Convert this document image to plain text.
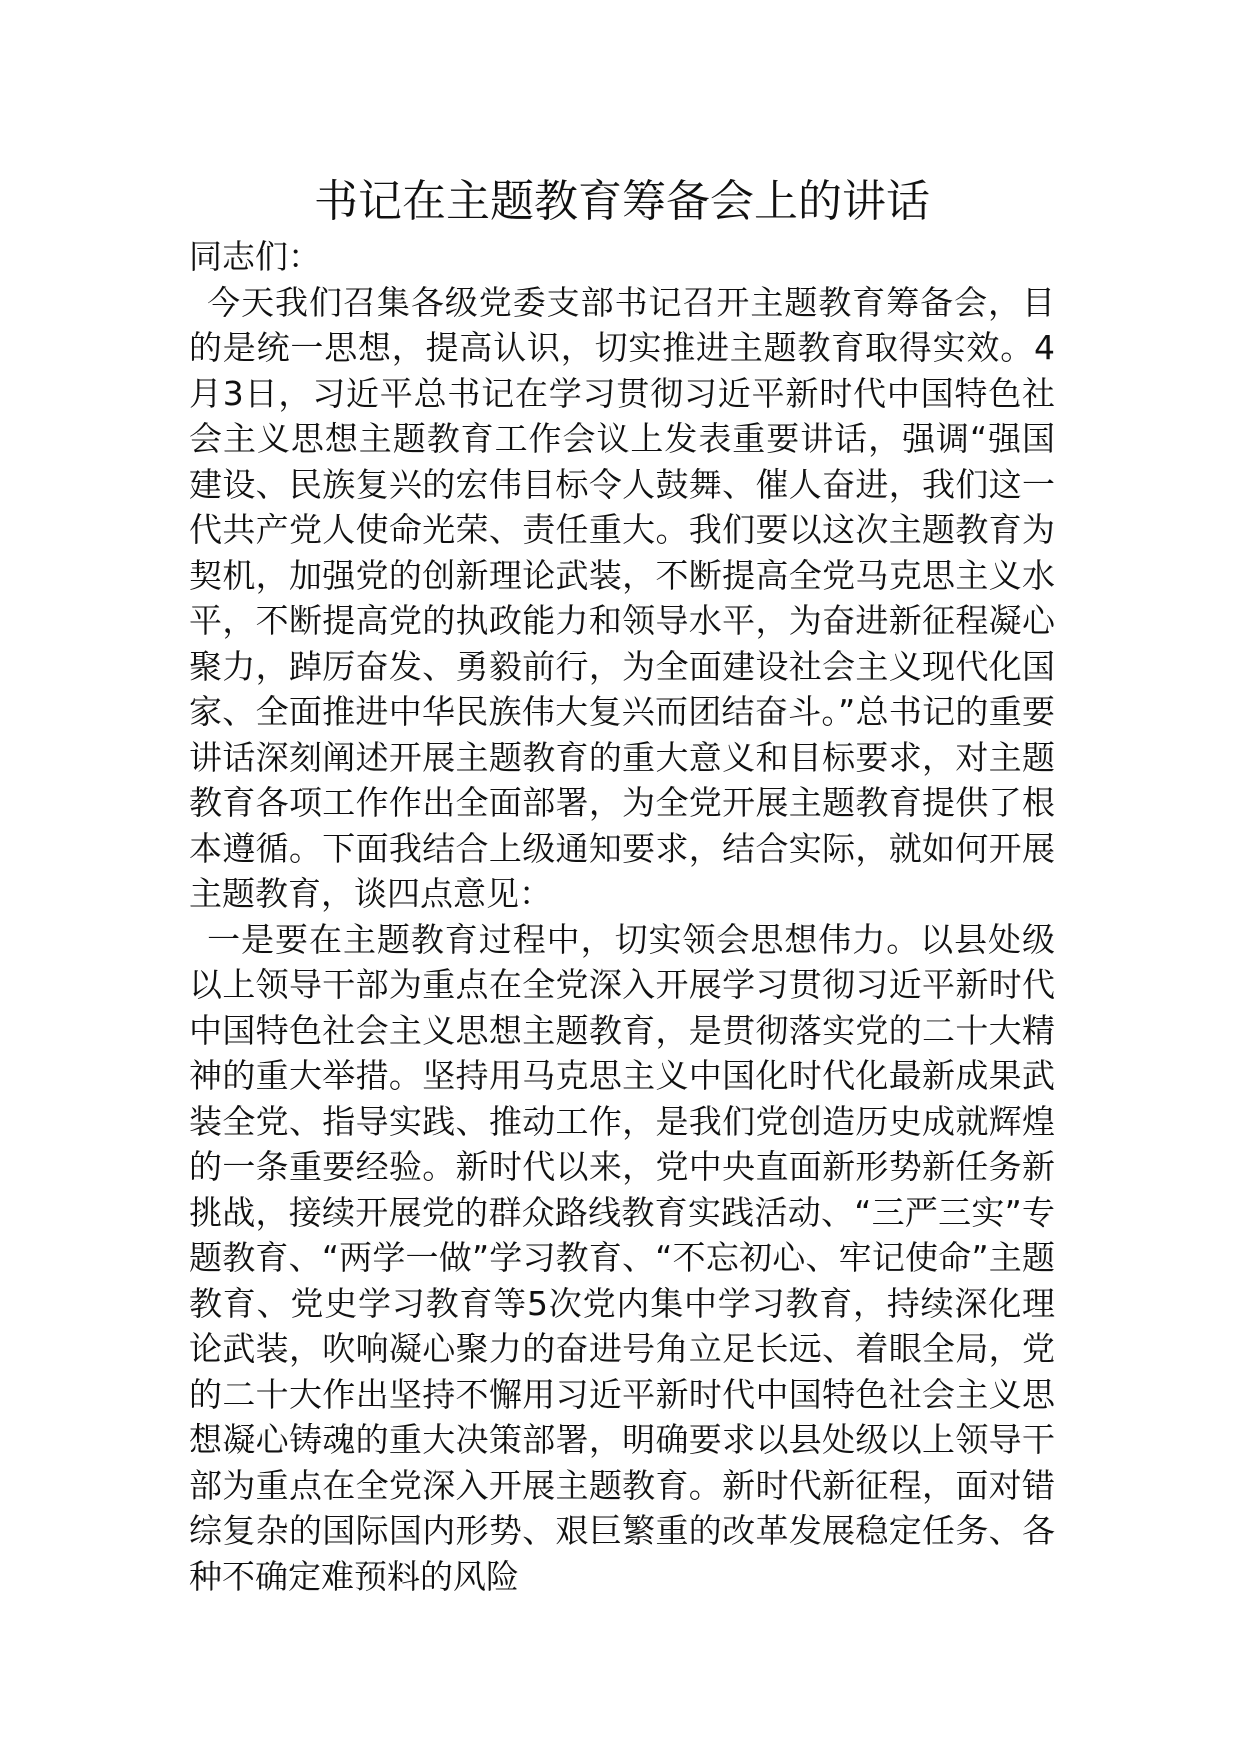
书记在主题教育筹备会上的讲话

同志们：

今天我们召集各级党委支部书记召开主题教育筹备会，目的是统一思想，提高认识，切实推进主题教育取得实效。4月3日，习近平总书记在学习贯彻习近平新时代中国特色社会主义思想主题教育工作会议上发表重要讲话，强调“强国建设、民族复兴的宏伟目标令人鼓舞、催人奋进，我们这一代共产党人使命光荣、责任重大。我们要以这次主题教育为契机，加强党的创新理论武装，不断提高全党马克思主义水平，不断提高党的执政能力和领导水平，为奋进新征程凝心聚力，踔厉奋发、勇毅前行，为全面建设社会主义现代化国家、全面推进中华民族伟大复兴而团结奋斗。”总书记的重要讲话深刻阐述开展主题教育的重大意义和目标要求，对主题教育各项工作作出全面部署，为全党开展主题教育提供了根本遵循。下面我结合上级通知要求，结合实际，就如何开展主题教育，谈四点意见：

一是要在主题教育过程中，切实领会思想伟力。以县处级以上领导干部为重点在全党深入开展学习贯彻习近平新时代中国特色社会主义思想主题教育，是贯彻落实党的二十大精神的重大举措。坚持用马克思主义中国化时代化最新成果武装全党、指导实践、推动工作，是我们党创造历史成就辉煌的一条重要经验。新时代以来，党中央直面新形势新任务新挑战，接续开展党的群众路线教育实践活动、“三严三实”专题教育、“两学一做”学习教育、“不忘初心、牢记使命”主题教育、党史学习教育等5次党内集中学习教育，持续深化理论武装，吹响凝心聚力的奋进号角立足长远、着眼全局，党的二十大作出坚持不懈用习近平新时代中国特色社会主义思想凝心铸魂的重大决策部署，明确要求以县处级以上领导干部为重点在全党深入开展主题教育。新时代新征程，面对错综复杂的国际国内形势、艰巨繁重的改革发展稳定任务、各种不确定难预料的风险
